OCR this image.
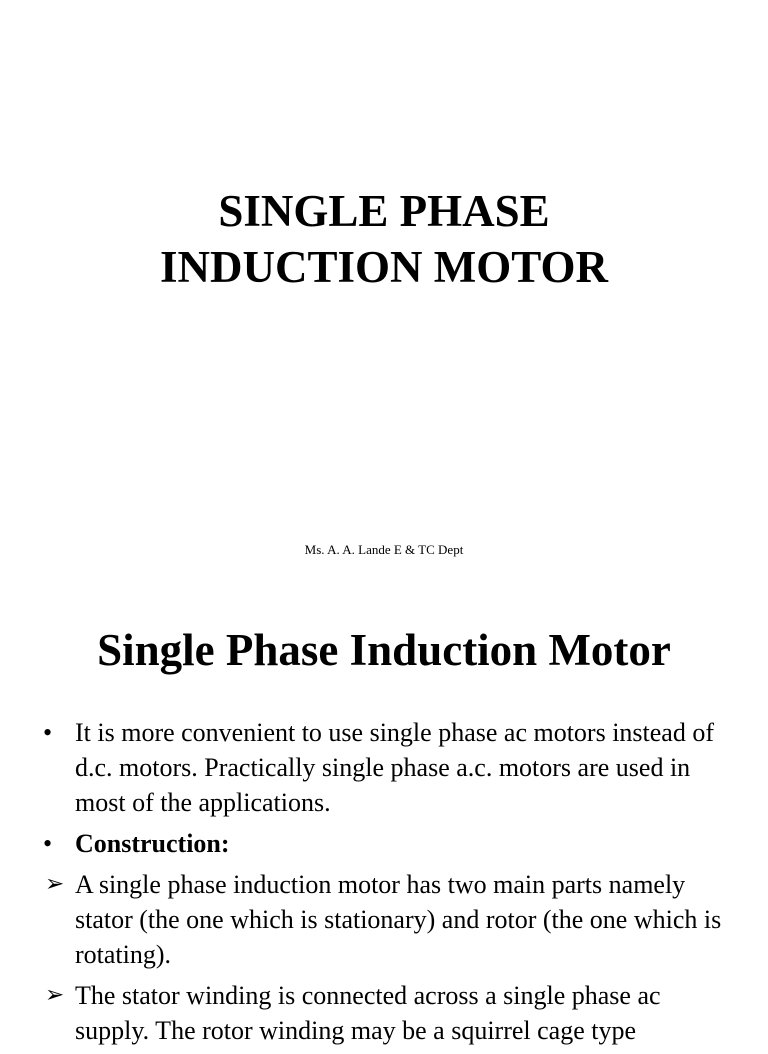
SINGLE PHASE
INDUCTION MOTOR
Ms. A. A. Lande E & TC Dept
Single Phase Induction Motor
• It is more convenient to use single phase ac motors instead of d.c. motors. Practically single phase a.c. motors are used in most of the applications.
• Construction:
➢ A single phase induction motor has two main parts namely stator (the one which is stationary) and rotor (the one which is rotating).
➢ The stator winding is connected across a single phase ac supply. The rotor winding may be a squirrel cage type
